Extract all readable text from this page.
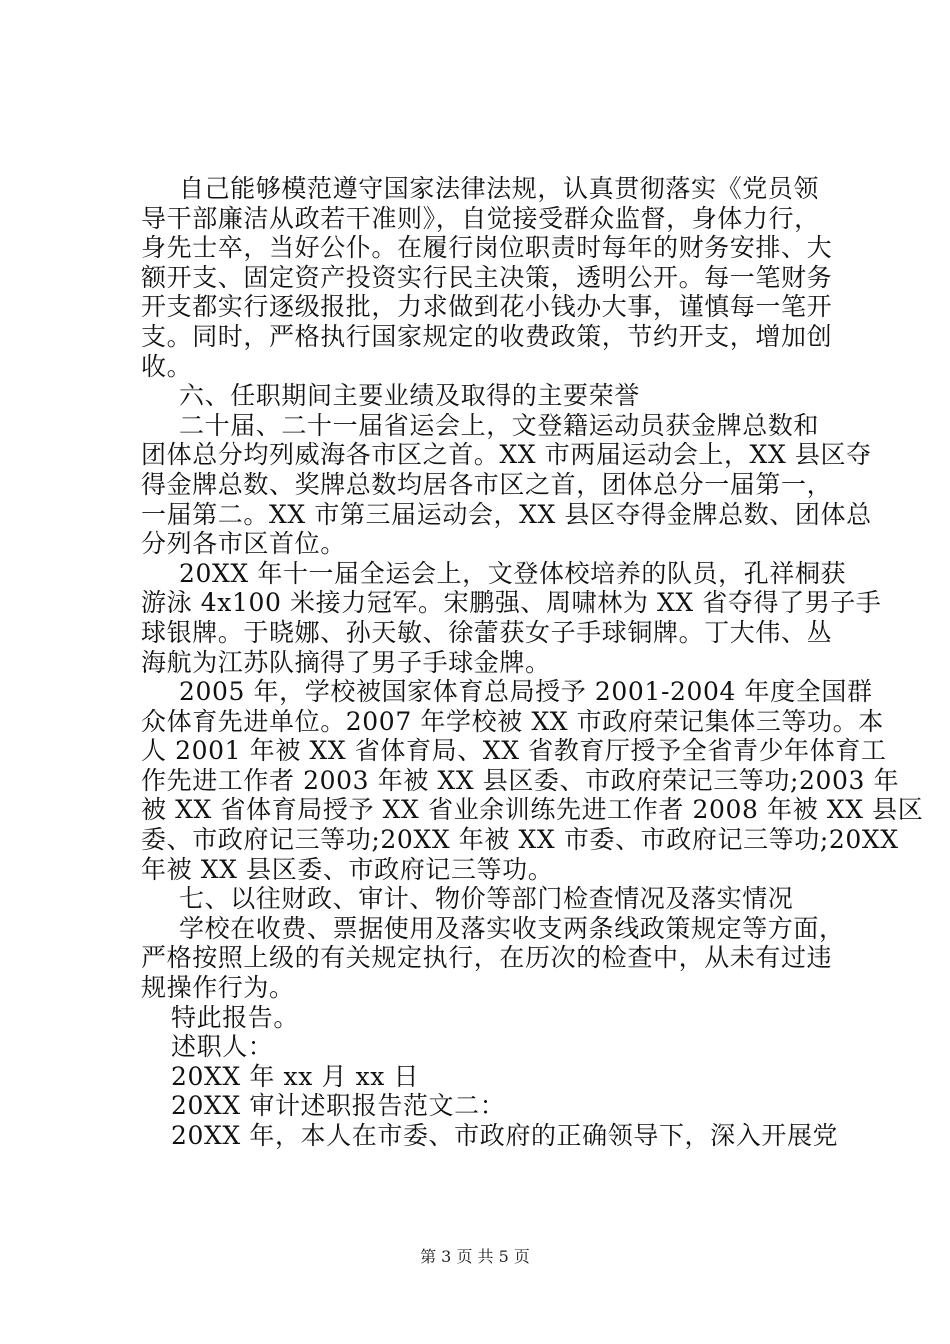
自己能够模范遵守国家法律法规，认真贯彻落实《党员领
导干部廉洁从政若干准则》，自觉接受群众监督，身体力行，
身先士卒，当好公仆。在履行岗位职责时每年的财务安排、大
额开支、固定资产投资实行民主决策，透明公开。每一笔财务
开支都实行逐级报批，力求做到花小钱办大事，谨慎每一笔开
支。同时，严格执行国家规定的收费政策，节约开支，增加创
收。
六、任职期间主要业绩及取得的主要荣誉
二十届、二十一届省运会上，文登籍运动员获金牌总数和
团体总分均列威海各市区之首。XX 市两届运动会上，XX 县区夺
得金牌总数、奖牌总数均居各市区之首，团体总分一届第一，
一届第二。XX 市第三届运动会，XX 县区夺得金牌总数、团体总
分列各市区首位。
20XX 年十一届全运会上，文登体校培养的队员，孔祥桐获
游泳 4x100 米接力冠军。宋鹏强、周啸林为 XX 省夺得了男子手
球银牌。于晓娜、孙天敏、徐蕾获女子手球铜牌。丁大伟、丛
海航为江苏队摘得了男子手球金牌。
2005 年，学校被国家体育总局授予 2001-2004 年度全国群
众体育先进单位。2007 年学校被 XX 市政府荣记集体三等功。本
人 2001 年被 XX 省体育局、XX 省教育厅授予全省青少年体育工
作先进工作者 2003 年被 XX 县区委、市政府荣记三等功;2003 年
被 XX 省体育局授予 XX 省业余训练先进工作者 2008 年被 XX 县区
委、市政府记三等功;20XX 年被 XX 市委、市政府记三等功;20XX
年被 XX 县区委、市政府记三等功。
七、以往财政、审计、物价等部门检查情况及落实情况
学校在收费、票据使用及落实收支两条线政策规定等方面，
严格按照上级的有关规定执行，在历次的检查中，从未有过违
规操作行为。
特此报告。
述职人：
20XX 年 xx 月 xx 日
20XX 审计述职报告范文二：
20XX 年，本人在市委、市政府的正确领导下，深入开展党
第 3 页 共 5 页
